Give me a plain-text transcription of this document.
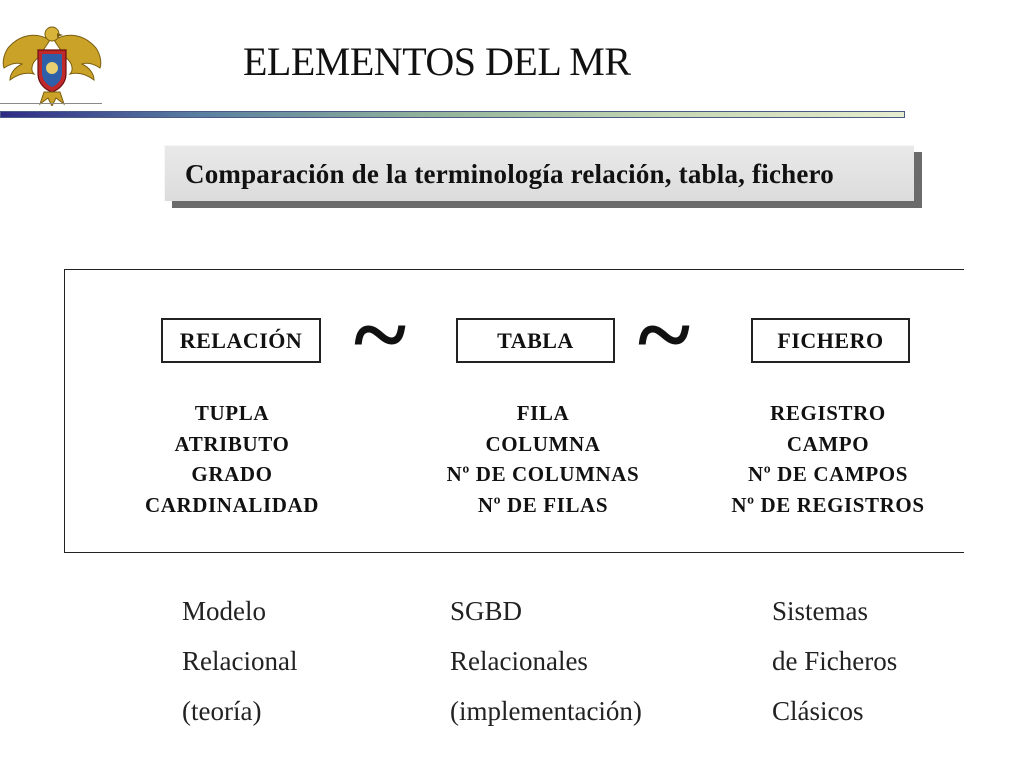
ELEMENTOS DEL MR
Comparación de la terminología relación, tabla, fichero
RELACIÓN ~	TABLA ~	FICHERO
TUPLA
ATRIBUTO
GRADO
CARDINALIDAD
FILA
COLUMNA
Nº DE COLUMNAS
Nº DE FILAS
REGISTRO
CAMPO
Nº DE CAMPOS
Nº DE REGISTROS
Modelo
Relacional
(teoría)
SGBD
Relacionales
(implementación)
Sistemas
de Ficheros
Clásicos
